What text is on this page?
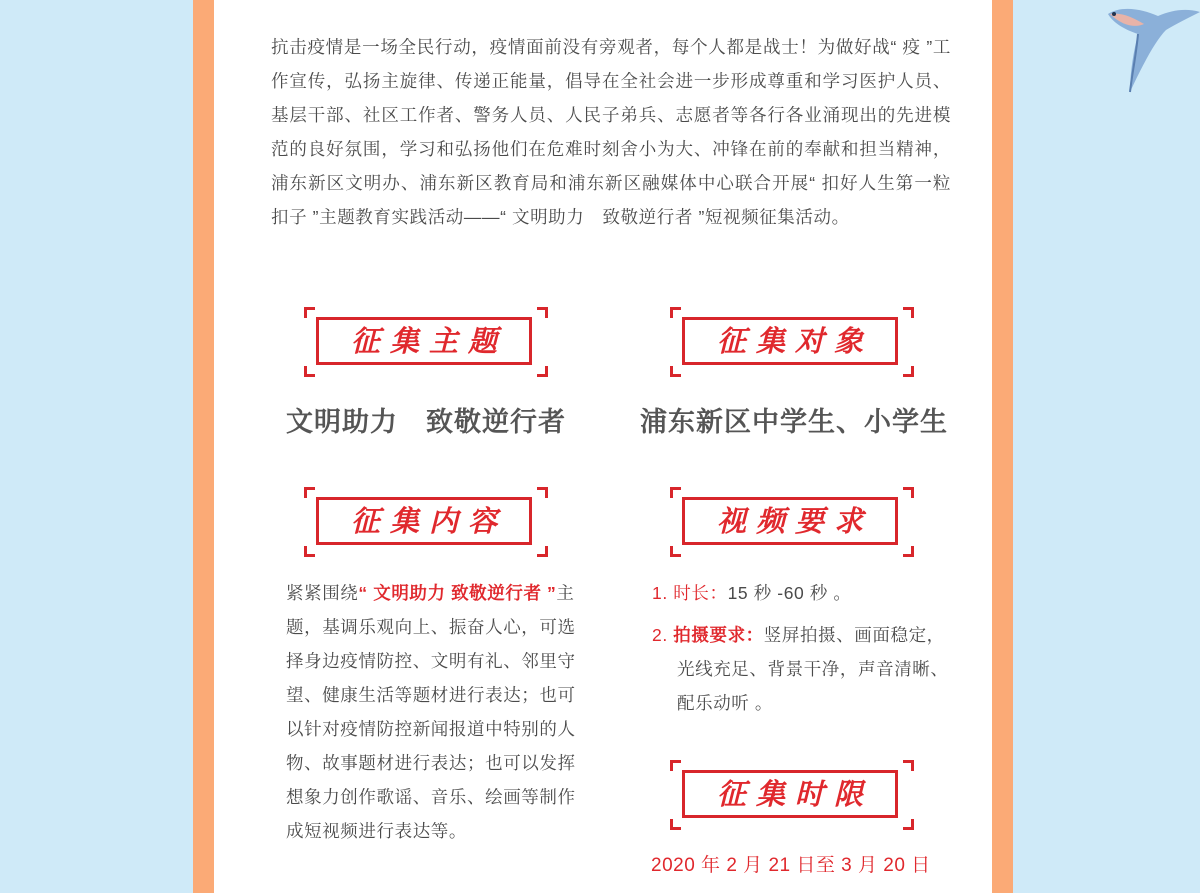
抗击疫情是一场全民行动，疫情面前没有旁观者，每个人都是战士！为做好战“ 疫 ”工作宣传，弘扬主旋律、传递正能量，倡导在全社会进一步形成尊重和学习医护人员、基层干部、社区工作者、警务人员、人民子弟兵、志愿者等各行各业涌现出的先进模范的良好氛围，学习和弘扬他们在危难时刻舍小为大、冲锋在前的奉献和担当精神，浦东新区文明办、浦东新区教育局和浦东新区融媒体中心联合开展“ 扣好人生第一粒扣子 ”主题教育实践活动——“ 文明助力　致敬逆行者 ”短视频征集活动。

征集主题

文明助力　致敬逆行者

征集对象

浦东新区中学生、小学生

征集内容

紧紧围绕“ 文明助力 致敬逆行者 ”主题，基调乐观向上、振奋人心，可选择身边疫情防控、文明有礼、邻里守望、健康生活等题材进行表达；也可以针对疫情防控新闻报道中特别的人物、故事题材进行表达；也可以发挥想象力创作歌谣、音乐、绘画等制作成短视频进行表达等。

视频要求

1. 时长：15 秒 -60 秒 。

2. 拍摄要求：竖屏拍摄、画面稳定，
光线充足、背景干净，声音清晰、配乐动听 。

征集时限

2020 年 2 月 21 日至 3 月 20 日
